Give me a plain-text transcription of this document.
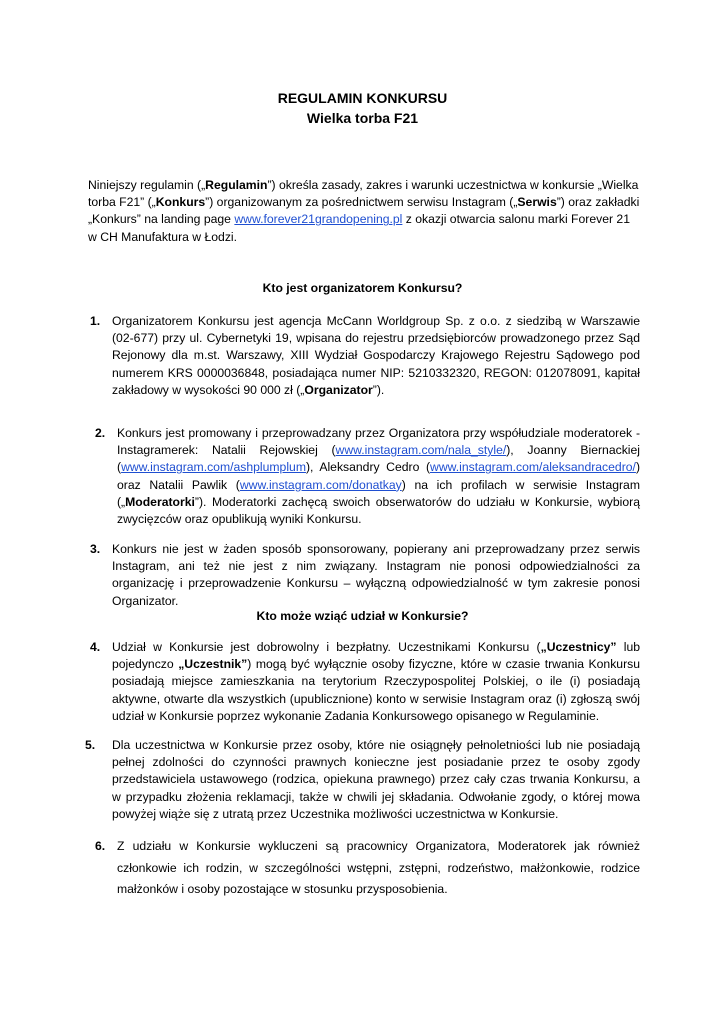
REGULAMIN KONKURSU
Wielka torba F21
Niniejszy regulamin („Regulamin”) określa zasady, zakres i warunki uczestnictwa w konkursie „Wielka torba F21” („Konkurs”) organizowanym za pośrednictwem serwisu Instagram („Serwis”) oraz zakładki „Konkurs” na landing page www.forever21grandopening.pl z okazji otwarcia salonu marki Forever 21 w CH Manufaktura w Łodzi.
Kto jest organizatorem Konkursu?
1. Organizatorem Konkursu jest agencja McCann Worldgroup Sp. z o.o. z siedzibą w Warszawie (02-677) przy ul. Cybernetyki 19, wpisana do rejestru przedsiębiorców prowadzonego przez Sąd Rejonowy dla m.st. Warszawy, XIII Wydział Gospodarczy Krajowego Rejestru Sądowego pod numerem KRS 0000036848, posiadająca numer NIP: 5210332320, REGON: 012078091, kapitał zakładowy w wysokości 90 000 zł („Organizator”).
2. Konkurs jest promowany i przeprowadzany przez Organizatora przy współudziale moderatorek - Instagramerek: Natalii Rejowskiej (www.instagram.com/nala_style/), Joanny Biernackiej (www.instagram.com/ashplumplum), Aleksandry Cedro (www.instagram.com/aleksandracedro/) oraz Natalii Pawlik (www.instagram.com/donatkay) na ich profilach w serwisie Instagram („Moderatorki”). Moderatorki zachęcą swoich obserwatorów do udziału w Konkursie, wybiorą zwycięzców oraz opublikują wyniki Konkursu.
3. Konkurs nie jest w żaden sposób sponsorowany, popierany ani przeprowadzany przez serwis Instagram, ani też nie jest z nim związany. Instagram nie ponosi odpowiedzialności za organizację i przeprowadzenie Konkursu – wyłączną odpowiedzialność w tym zakresie ponosi Organizator.
Kto może wziąć udział w Konkursie?
4. Udział w Konkursie jest dobrowolny i bezpłatny. Uczestnikami Konkursu („Uczestnicy” lub pojedynczo „Uczestnik”) mogą być wyłącznie osoby fizyczne, które w czasie trwania Konkursu posiadają miejsce zamieszkania na terytorium Rzeczypospolitej Polskiej, o ile (i) posiadają aktywne, otwarte dla wszystkich (upublicznione) konto w serwisie Instagram oraz (i) zgłoszą swój udział w Konkursie poprzez wykonanie Zadania Konkursowego opisanego w Regulaminie.
5. Dla uczestnictwa w Konkursie przez osoby, które nie osiągnęły pełnoletniości lub nie posiadają pełnej zdolności do czynności prawnych konieczne jest posiadanie przez te osoby zgody przedstawiciela ustawowego (rodzica, opiekuna prawnego) przez cały czas trwania Konkursu, a w przypadku złożenia reklamacji, także w chwili jej składania. Odwołanie zgody, o której mowa powyżej wiąże się z utratą przez Uczestnika możliwości uczestnictwa w Konkursie.
6. Z udziału w Konkursie wykluczeni są pracownicy Organizatora, Moderatorek jak również członkowie ich rodzin, w szczególności wstępni, zstępni, rodzeństwo, małżonkowie, rodzice małżonków i osoby pozostające w stosunku przysposobienia.
